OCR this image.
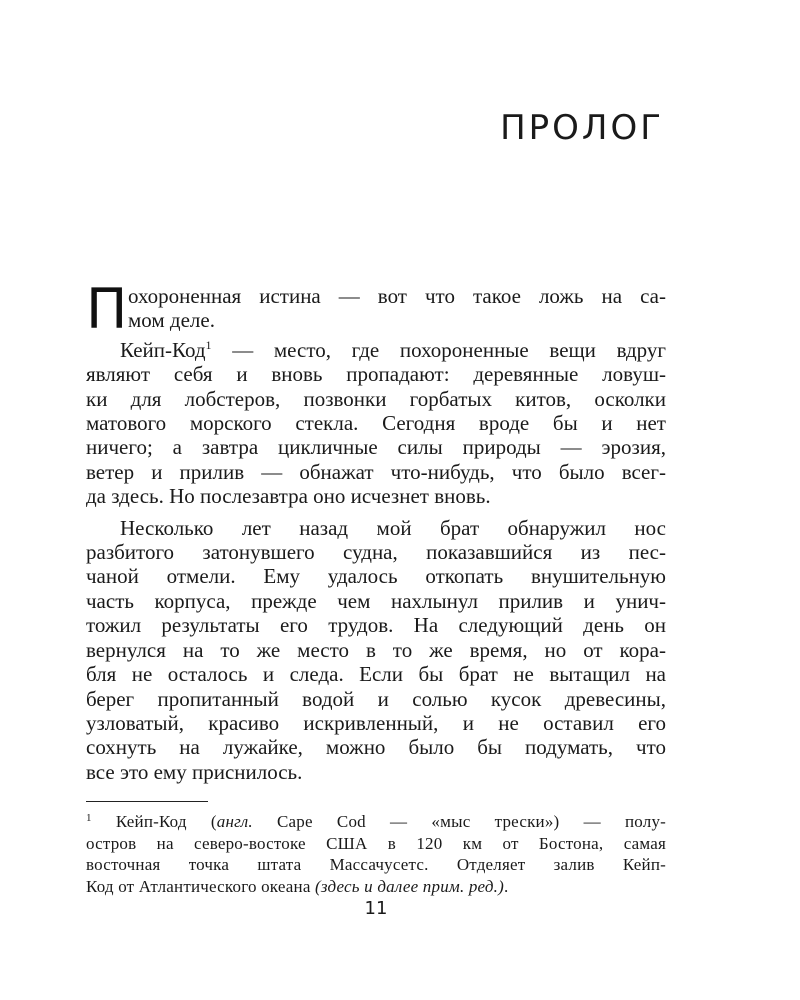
ПРОЛОГ
П охороненная истина — вот что такое ложь на са-
мом деле.
Кейп-Код$^1$ — место, где похороненные вещи вдруг
являют себя и вновь пропадают: деревянные ловуш-
ки для лобстеров, позвонки горбатых китов, осколки
матового морского стекла. Сегодня вроде бы и нет
ничего; а завтра цикличные силы природы — эрозия,
ветер и прилив — обнажат что-нибудь, что было всег-
да здесь. Но послезавтра оно исчезнет вновь.
Несколько лет назад мой брат обнаружил нос
разбитого затонувшего судна, показавшийся из пес-
чаной отмели. Ему удалось откопать внушительную
часть корпуса, прежде чем нахлынул прилив и унич-
тожил результаты его трудов. На следующий день он
вернулся на то же место в то же время, но от кора-
бля не осталось и следа. Если бы брат не вытащил на
берег пропитанный водой и солью кусок древесины,
узловатый, красиво искривленный, и не оставил его
сохнуть на лужайке, можно было бы подумать, что
все это ему приснилось.
$^1$ Кейп-Код (англ. Cape Cod — «мыс трески») — полу-
остров на северо-востоке США в 120 км от Бостона, самая
восточная точка штата Массачусетс. Отделяет залив Кейп-
Код от Атлантического океана (здесь и далее прим. ред.).
11
